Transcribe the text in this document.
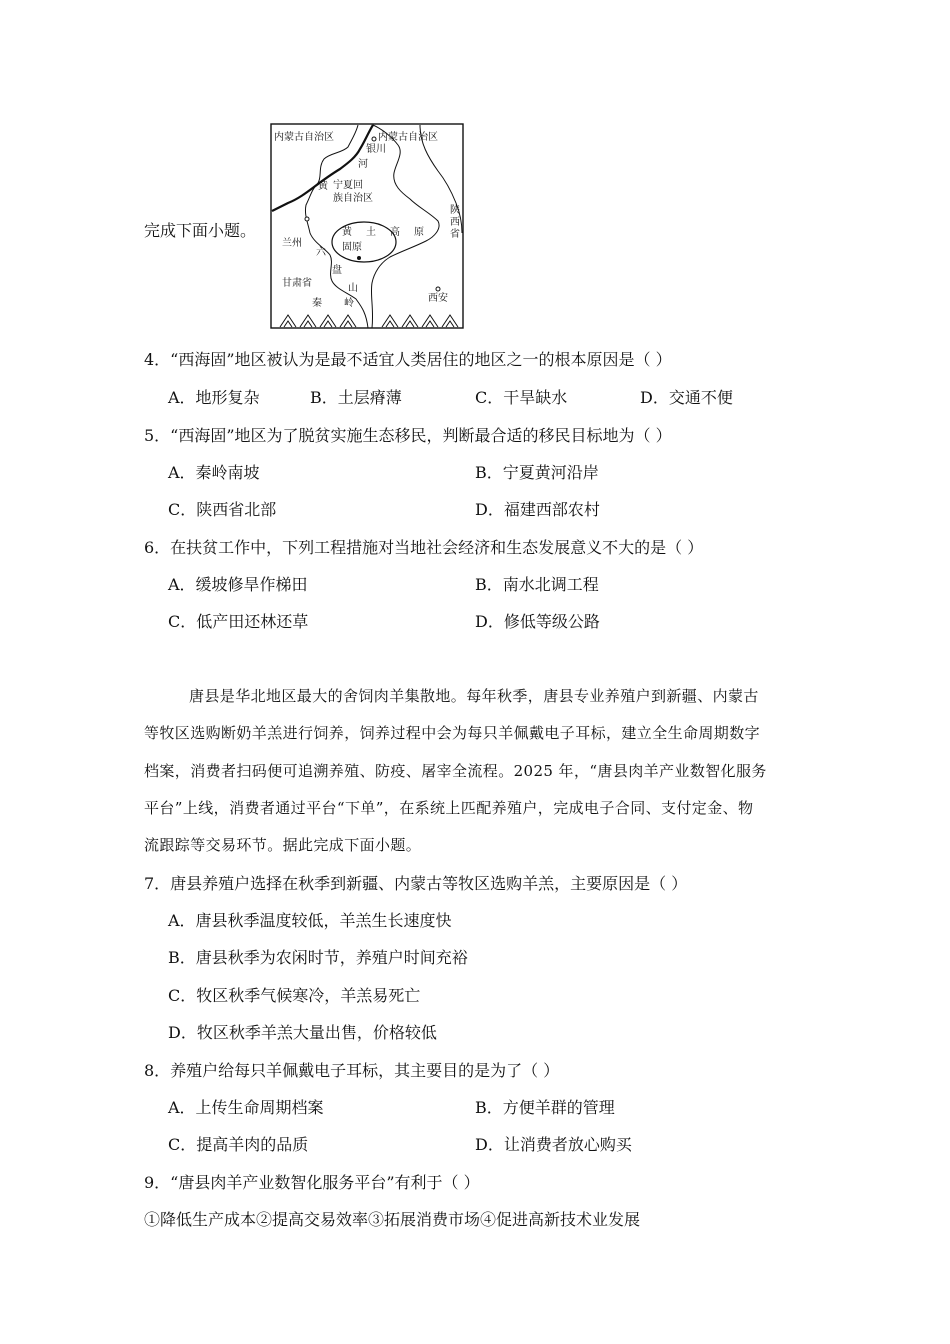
完成下面小题。
内蒙古自治区	内蒙古自治区
银川
河
黄 宁夏回
族自治区
陕
西
省
兰州
黄 土 高 原
固原
六
盘
山
甘肃省
秦 岭	西安
4．“西海固”地区被认为是最不适宜人类居住的地区之一的根本原因是（ ）
A．地形复杂	B．土层瘠薄	C．干旱缺水	D．交通不便
5．“西海固”地区为了脱贫实施生态移民，判断最合适的移民目标地为（ ）
A．秦岭南坡	B．宁夏黄河沿岸
C．陕西省北部	D．福建西部农村
6．在扶贫工作中，下列工程措施对当地社会经济和生态发展意义不大的是（ ）
A．缓坡修旱作梯田	B．南水北调工程
C．低产田还林还草	D．修低等级公路
唐县是华北地区最大的舍饲肉羊集散地。每年秋季，唐县专业养殖户到新疆、内蒙古
等牧区选购断奶羊羔进行饲养，饲养过程中会为每只羊佩戴电子耳标，建立全生命周期数字
档案，消费者扫码便可追溯养殖、防疫、屠宰全流程。2025 年，“唐县肉羊产业数智化服务
平台”上线，消费者通过平台“下单”，在系统上匹配养殖户，完成电子合同、支付定金、物
流跟踪等交易环节。据此完成下面小题。
7．唐县养殖户选择在秋季到新疆、内蒙古等牧区选购羊羔，主要原因是（ ）
A．唐县秋季温度较低，羊羔生长速度快
B．唐县秋季为农闲时节，养殖户时间充裕
C．牧区秋季气候寒冷，羊羔易死亡
D．牧区秋季羊羔大量出售，价格较低
8．养殖户给每只羊佩戴电子耳标，其主要目的是为了（ ）
A．上传生命周期档案	B．方便羊群的管理
C．提高羊肉的品质	D．让消费者放心购买
9．“唐县肉羊产业数智化服务平台”有利于（ ）
①降低生产成本②提高交易效率③拓展消费市场④促进高新技术业发展
